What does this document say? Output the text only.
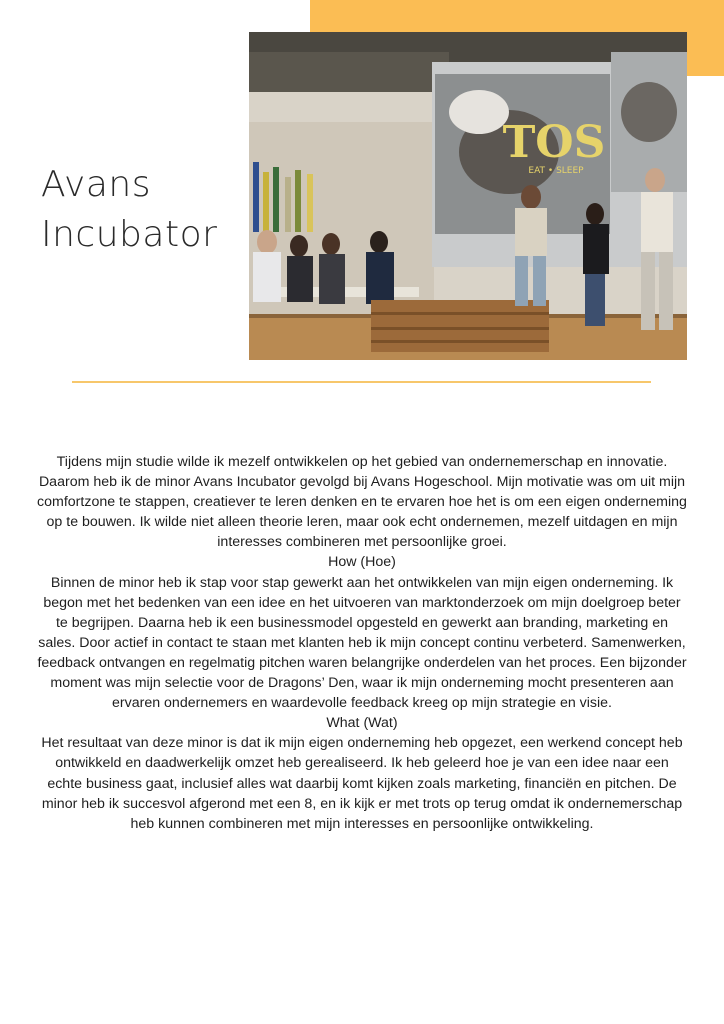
Avans
Incubator
TOS
EAT • SLEEP

Tijdens mijn studie wilde ik mezelf ontwikkelen op het gebied van ondernemerschap en innovatie. Daarom heb ik de minor Avans Incubator gevolgd bij Avans Hogeschool. Mijn motivatie was om uit mijn comfortzone te stappen, creatiever te leren denken en te ervaren hoe het is om een eigen onderneming op te bouwen. Ik wilde niet alleen theorie leren, maar ook echt ondernemen, mezelf uitdagen en mijn interesses combineren met persoonlijke groei.

How (Hoe)

Binnen de minor heb ik stap voor stap gewerkt aan het ontwikkelen van mijn eigen onderneming. Ik begon met het bedenken van een idee en het uitvoeren van marktonderzoek om mijn doelgroep beter te begrijpen. Daarna heb ik een businessmodel opgesteld en gewerkt aan branding, marketing en sales. Door actief in contact te staan met klanten heb ik mijn concept continu verbeterd. Samenwerken, feedback ontvangen en regelmatig pitchen waren belangrijke onderdelen van het proces. Een bijzonder moment was mijn selectie voor de Dragons’ Den, waar ik mijn onderneming mocht presenteren aan ervaren ondernemers en waardevolle feedback kreeg op mijn strategie en visie.

What (Wat)

Het resultaat van deze minor is dat ik mijn eigen onderneming heb opgezet, een werkend concept heb ontwikkeld en daadwerkelijk omzet heb gerealiseerd. Ik heb geleerd hoe je van een idee naar een echte business gaat, inclusief alles wat daarbij komt kijken zoals marketing, financiën en pitchen. De minor heb ik succesvol afgerond met een 8, en ik kijk er met trots op terug omdat ik ondernemerschap heb kunnen combineren met mijn interesses en persoonlijke ontwikkeling.
